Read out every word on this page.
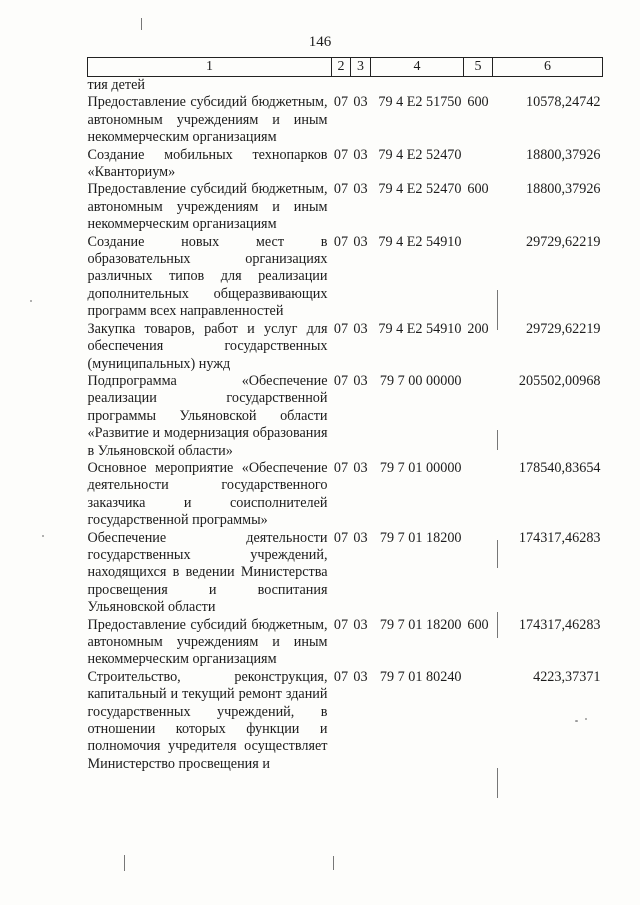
146
1	2	3	4	5	6
тия детей					
Предоставление субсидий бюджетным, автономным учреждениям и иным некоммерческим организациям	07	03	79 4 E2 51750	600	10578,24742
Создание мобильных технопарков «Кванториум»	07	03	79 4 E2 52470		18800,37926
Предоставление субсидий бюджетным, автономным учреждениям и иным некоммерческим организациям	07	03	79 4 E2 52470	600	18800,37926
Создание новых мест в образовательных организациях различных типов для реализации дополнительных общеразвивающих программ всех направленностей	07	03	79 4 E2 54910		29729,62219
Закупка товаров, работ и услуг для обеспечения государственных (муниципальных) нужд	07	03	79 4 E2 54910	200	29729,62219
Подпрограмма «Обеспечение реализации государственной программы Ульяновской области «Развитие и модернизация образования в Ульяновской области»	07	03	79 7 00 00000		205502,00968
Основное мероприятие «Обеспечение деятельности государственного заказчика и соисполнителей государственной программы»	07	03	79 7 01 00000		178540,83654
Обеспечение деятельности государственных учреждений, находящихся в ведении Министерства просвещения и воспитания Ульяновской области	07	03	79 7 01 18200		174317,46283
Предоставление субсидий бюджетным, автономным учреждениям и иным некоммерческим организациям	07	03	79 7 01 18200	600	174317,46283
Строительство, реконструкция, капитальный и текущий ремонт зданий государственных учреждений, в отношении которых функции и полномочия учредителя осуществляет Министерство просвещения и	07	03	79 7 01 80240		4223,37371
